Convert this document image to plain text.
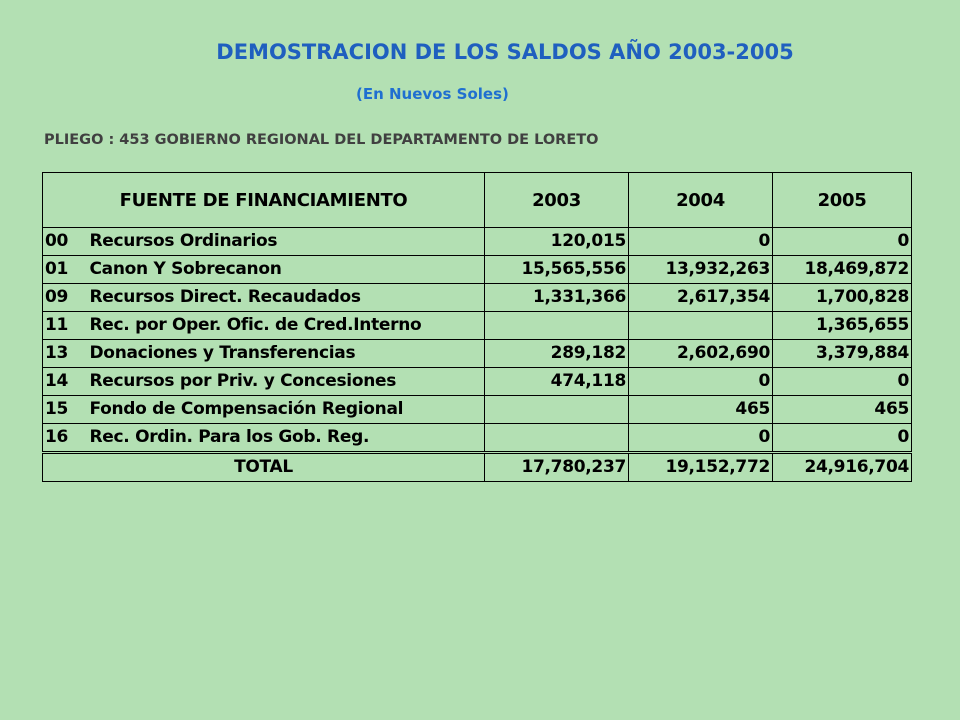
DEMOSTRACION DE LOS SALDOS AÑO 2003-2005
(En Nuevos Soles)
PLIEGO : 453 GOBIERNO REGIONAL DEL DEPARTAMENTO DE LORETO
FUENTE DE FINANCIAMIENTO		2003	2004	2005
00	Recursos Ordinarios	120,015	0	0
01	Canon Y Sobrecanon	15,565,556	13,932,263	18,469,872
09	Recursos Direct. Recaudados	1,331,366	2,617,354	1,700,828
11	Rec. por Oper. Ofic. de Cred.Interno			1,365,655
13	Donaciones y Transferencias	289,182	2,602,690	3,379,884
14	Recursos por Priv. y Concesiones	474,118	0	0
15	Fondo de Compensación Regional		465	465
16	Rec. Ordin. Para los Gob. Reg.		0	0
TOTAL		17,780,237	19,152,772	24,916,704
